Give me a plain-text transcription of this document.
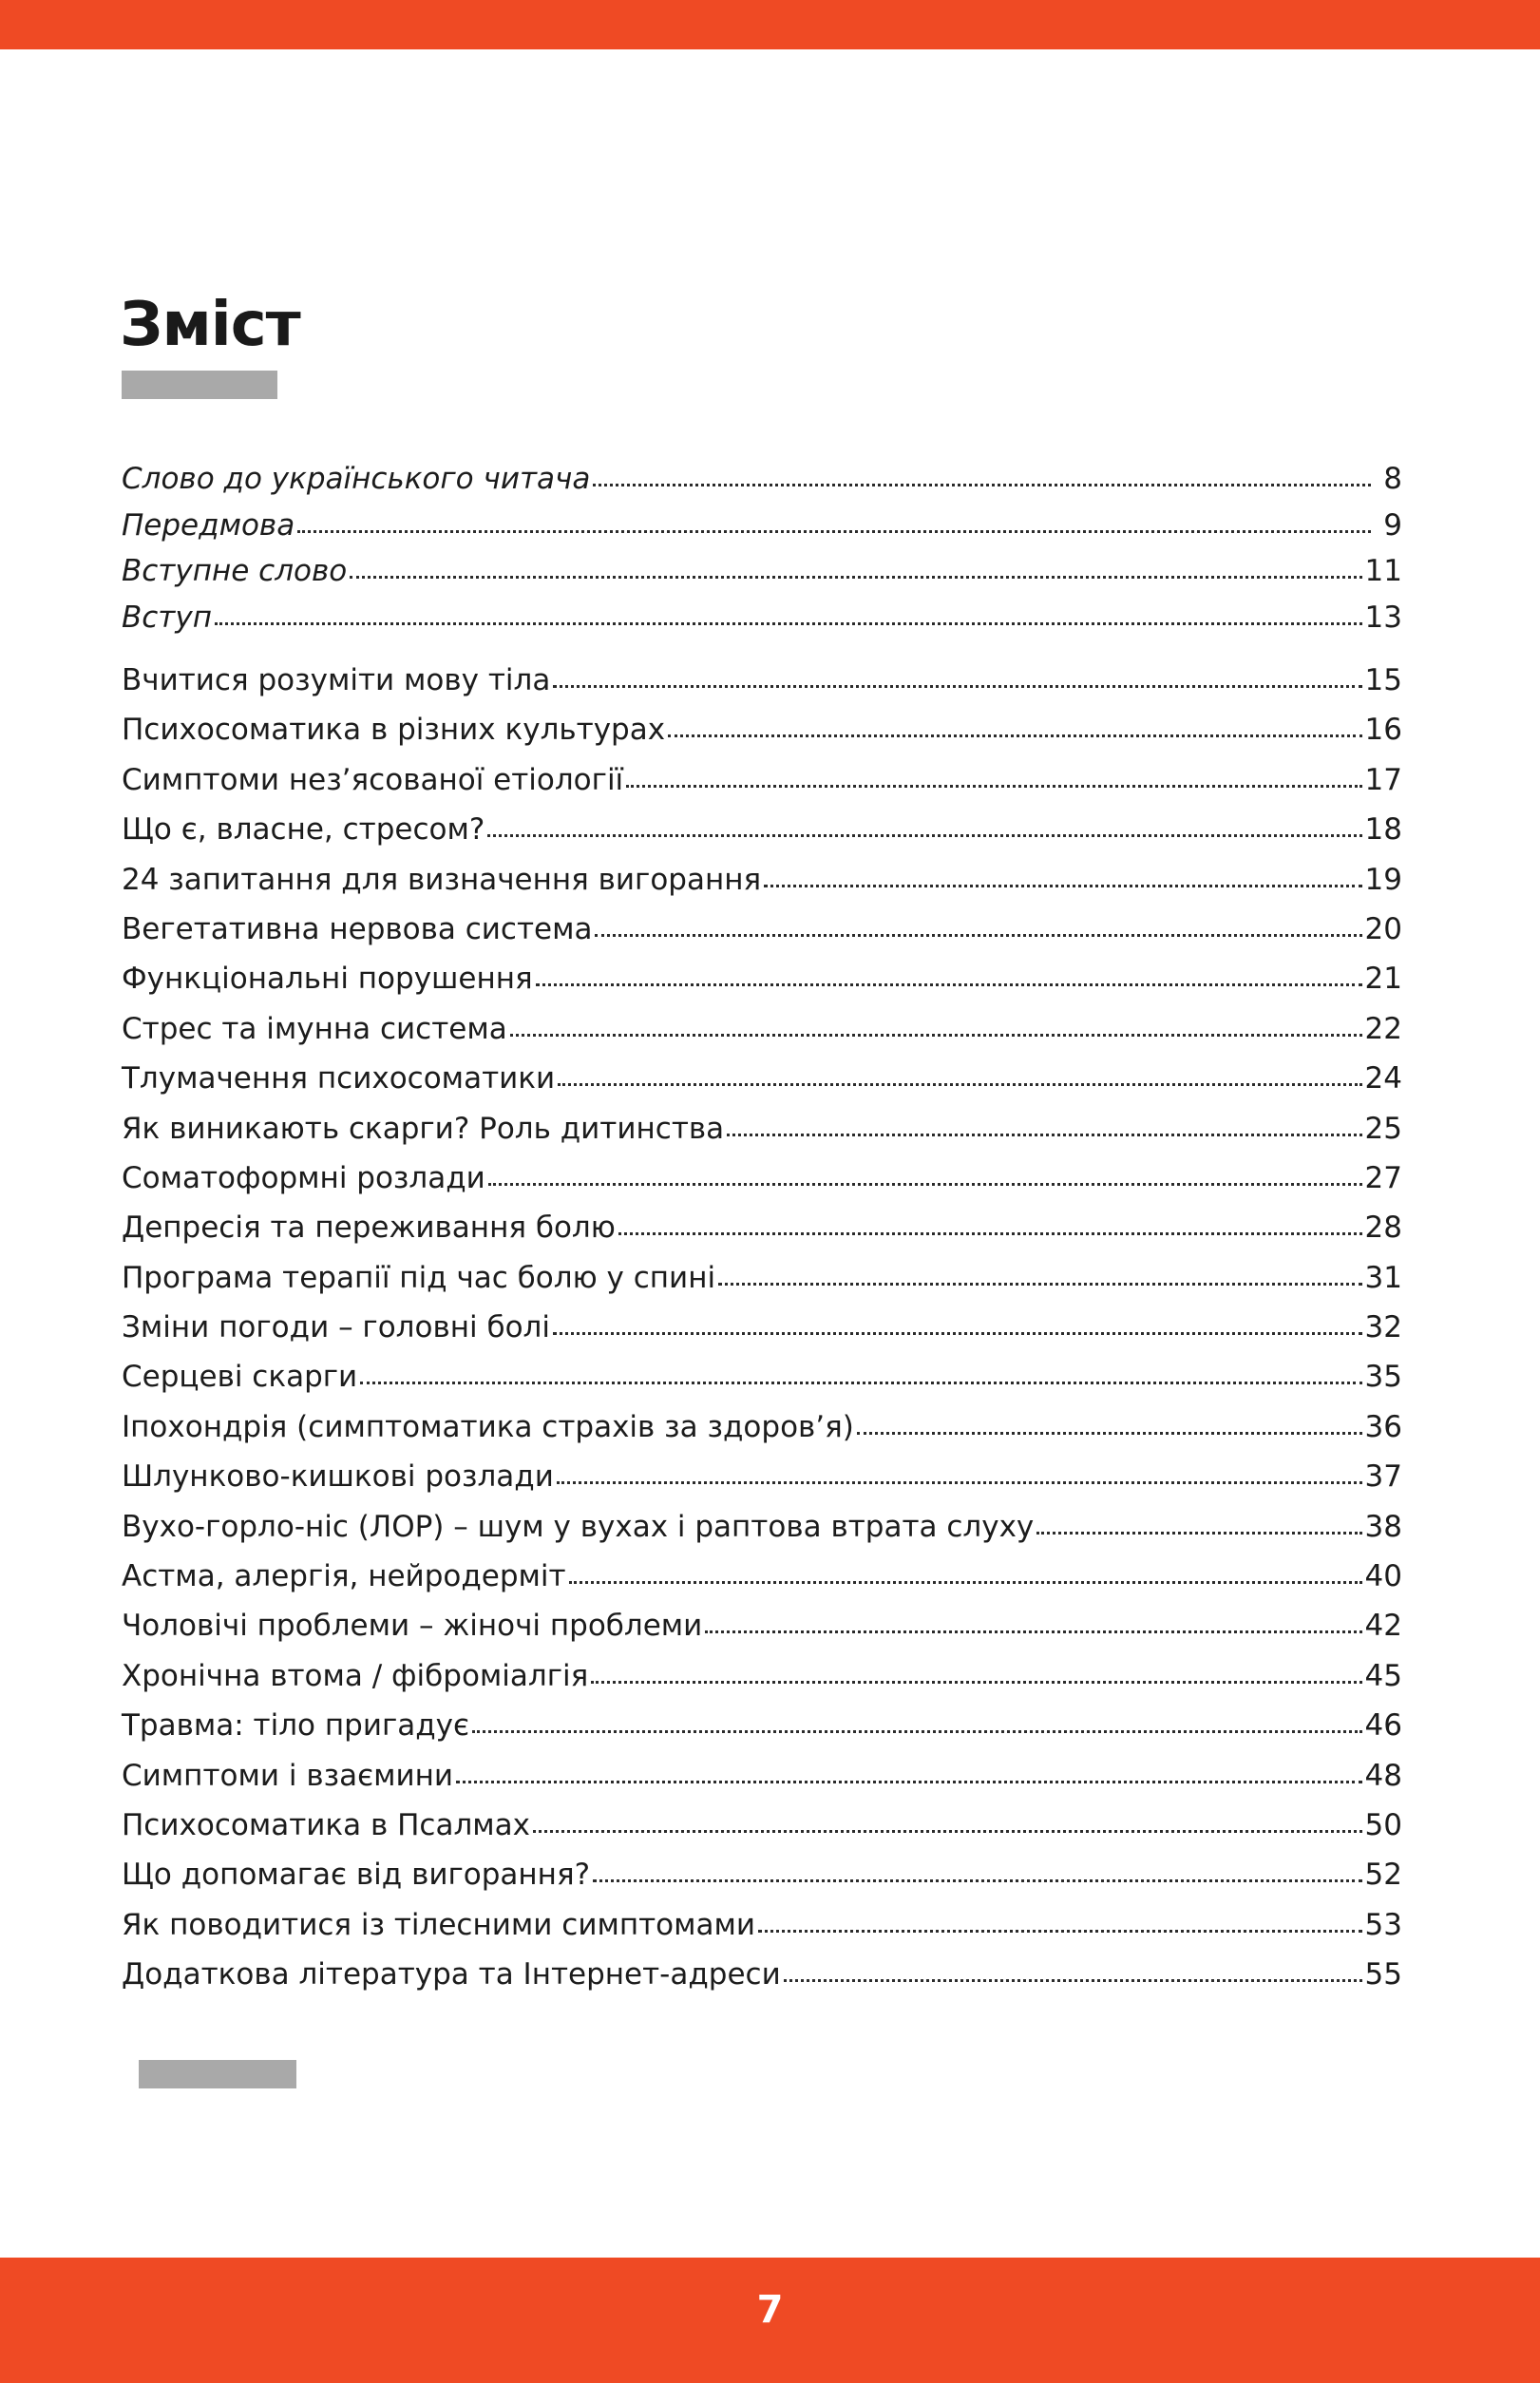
Зміст
Слово до українського читача	8
Передмова	9
Вступне слово	11
Вступ	13
Вчитися розуміти мову тіла	15
Психосоматика в різних культурах	16
Симптоми нез’ясованої етіології	17
Що є, власне, стресом?	18
24 запитання для визначення вигорання	19
Вегетативна нервова система	20
Функціональні порушення	21
Стрес та імунна система	22
Тлумачення психосоматики	24
Як виникають скарги? Роль дитинства	25
Соматоформні розлади	27
Депресія та переживання болю	28
Програма терапії під час болю у спині	31
Зміни погоди – головні болі	32
Серцеві скарги	35
Іпохондрія (симптоматика страхів за здоров’я)	36
Шлунково-кишкові розлади	37
Вухо-горло-ніс (ЛОР) – шум у вухах і раптова втрата слуху	38
Астма, алергія, нейродерміт	40
Чоловічі проблеми – жіночі проблеми	42
Хронічна втома / фіброміалгія	45
Травма: тіло пригадує	46
Симптоми і взаємини	48
Психосоматика в Псалмах	50
Що допомагає від вигорання?	52
Як поводитися із тілесними симптомами	53
Додаткова література та Інтернет-адреси	55
7
